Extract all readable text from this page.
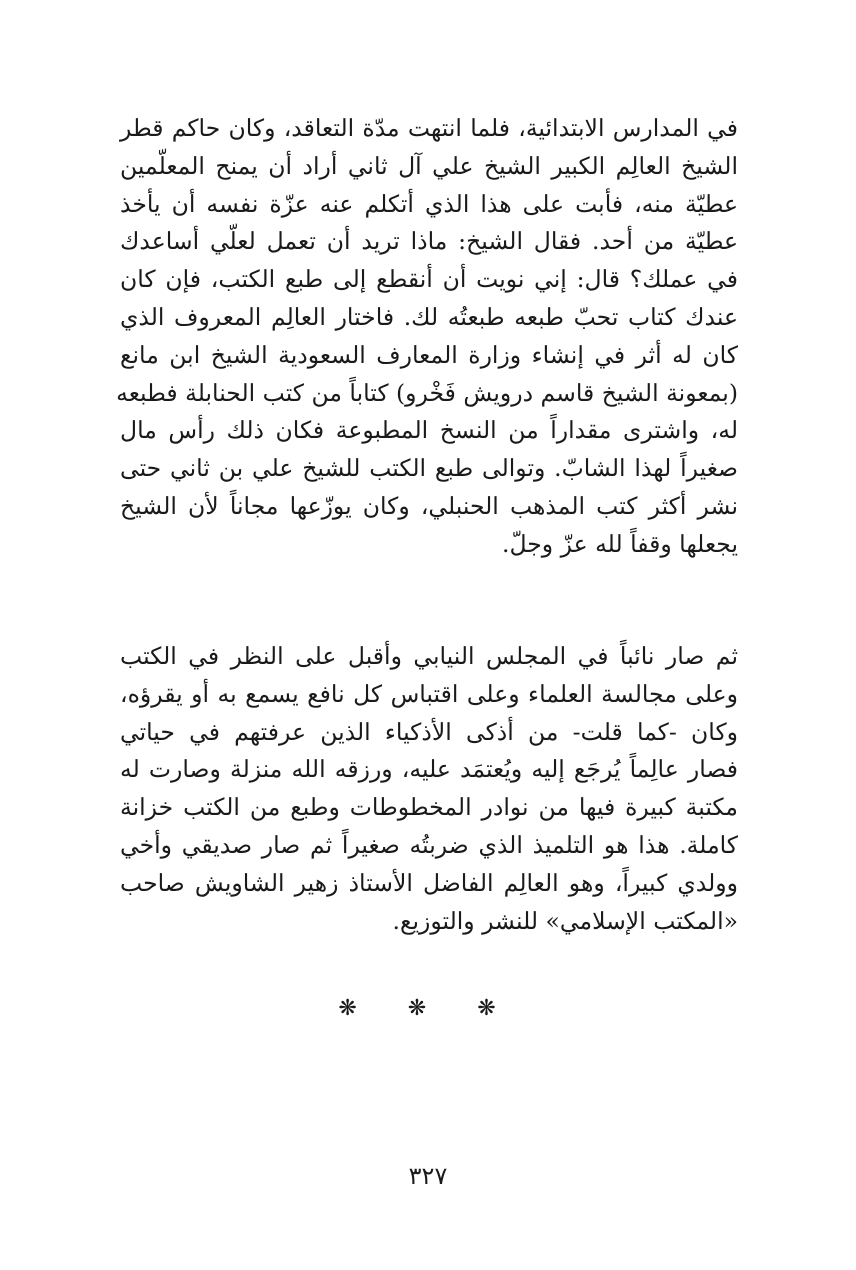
في المدارس الابتدائية، فلما انتهت مدّة التعاقد، وكان حاكم قطر
الشيخ العالِم الكبير الشيخ علي آل ثاني أراد أن يمنح المعلّمين
عطيّة منه، فأبت على هذا الذي أتكلم عنه عزّة نفسه أن يأخذ
عطيّة من أحد. فقال الشيخ: ماذا تريد أن تعمل لعلّي أساعدك
في عملك؟ قال: إني نويت أن أنقطع إلى طبع الكتب، فإن كان
عندك كتاب تحبّ طبعه طبعتُه لك. فاختار العالِم المعروف الذي
كان له أثر في إنشاء وزارة المعارف السعودية الشيخ ابن مانع
(بمعونة الشيخ قاسم درويش فَخْرو) كتاباً من كتب الحنابلة فطبعه
له، واشترى مقداراً من النسخ المطبوعة فكان ذلك رأس مال
صغيراً لهذا الشابّ. وتوالى طبع الكتب للشيخ علي بن ثاني حتى
نشر أكثر كتب المذهب الحنبلي، وكان يوزّعها مجاناً لأن الشيخ
يجعلها وقفاً لله عزّ وجلّ.
ثم صار نائباً في المجلس النيابي وأقبل على النظر في الكتب
وعلى مجالسة العلماء وعلى اقتباس كل نافع يسمع به أو يقرؤه،
وكان -كما قلت- من أذكى الأذكياء الذين عرفتهم في حياتي
فصار عالِماً يُرجَع إليه ويُعتمَد عليه، ورزقه الله منزلة وصارت له
مكتبة كبيرة فيها من نوادر المخطوطات وطبع من الكتب خزانة
كاملة. هذا هو التلميذ الذي ضربتُه صغيراً ثم صار صديقي وأخي
وولدي كبيراً، وهو العالِم الفاضل الأستاذ زهير الشاويش صاحب
«المكتب الإسلامي» للنشر والتوزيع.
❋ ❋ ❋
٣٢٧
